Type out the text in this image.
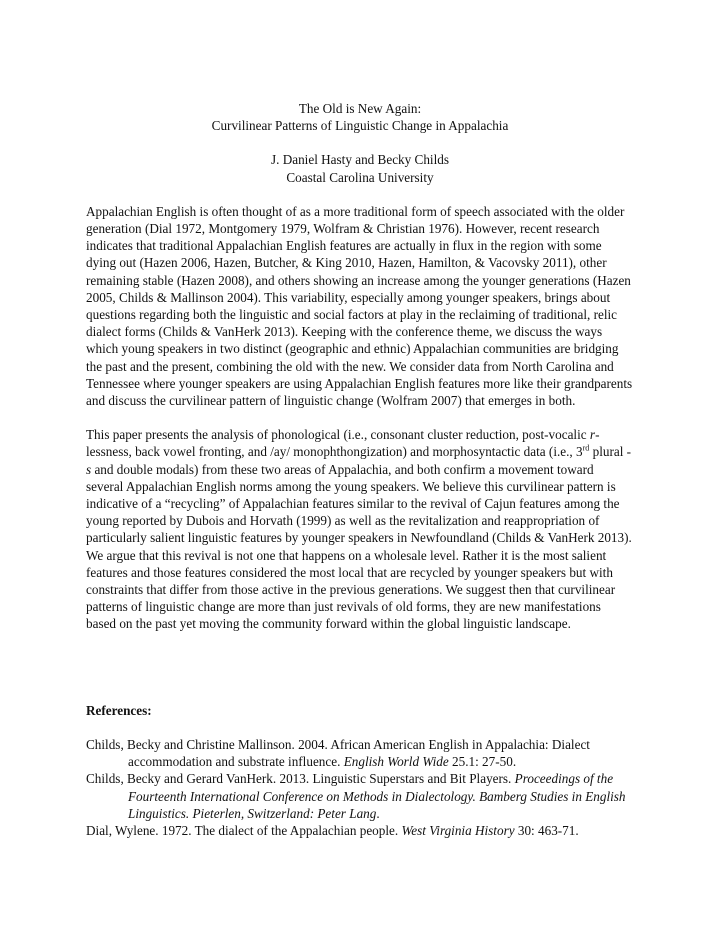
The Old is New Again:
Curvilinear Patterns of Linguistic Change in Appalachia
J. Daniel Hasty and Becky Childs
Coastal Carolina University

Appalachian English is often thought of as a more traditional form of speech associated with the older generation (Dial 1972, Montgomery 1979, Wolfram & Christian 1976). However, recent research indicates that traditional Appalachian English features are actually in flux in the region with some dying out (Hazen 2006, Hazen, Butcher, & King 2010, Hazen, Hamilton, & Vacovsky 2011), other remaining stable (Hazen 2008), and others showing an increase among the younger generations (Hazen 2005, Childs & Mallinson 2004). This variability, especially among younger speakers, brings about questions regarding both the linguistic and social factors at play in the reclaiming of traditional, relic dialect forms (Childs & VanHerk 2013). Keeping with the conference theme, we discuss the ways which young speakers in two distinct (geographic and ethnic) Appalachian communities are bridging the past and the present, combining the old with the new. We consider data from North Carolina and Tennessee where younger speakers are using Appalachian English features more like their grandparents and discuss the curvilinear pattern of linguistic change (Wolfram 2007) that emerges in both.

This paper presents the analysis of phonological (i.e., consonant cluster reduction, post-vocalic r-lessness, back vowel fronting, and /ay/ monophthongization) and morphosyntactic data (i.e., 3rd plural -s and double modals) from these two areas of Appalachia, and both confirm a movement toward several Appalachian English norms among the young speakers. We believe this curvilinear pattern is indicative of a “recycling” of Appalachian features similar to the revival of Cajun features among the young reported by Dubois and Horvath (1999) as well as the revitalization and reappropriation of particularly salient linguistic features by younger speakers in Newfoundland (Childs & VanHerk 2013). We argue that this revival is not one that happens on a wholesale level. Rather it is the most salient features and those features considered the most local that are recycled by younger speakers but with constraints that differ from those active in the previous generations. We suggest then that curvilinear patterns of linguistic change are more than just revivals of old forms, they are new manifestations based on the past yet moving the community forward within the global linguistic landscape.

References:
Childs, Becky and Christine Mallinson. 2004. African American English in Appalachia: Dialect accommodation and substrate influence. English World Wide 25.1: 27-50.
Childs, Becky and Gerard VanHerk. 2013. Linguistic Superstars and Bit Players. Proceedings of the Fourteenth International Conference on Methods in Dialectology. Bamberg Studies in English Linguistics. Pieterlen, Switzerland: Peter Lang.
Dial, Wylene. 1972. The dialect of the Appalachian people. West Virginia History 30: 463-71.
